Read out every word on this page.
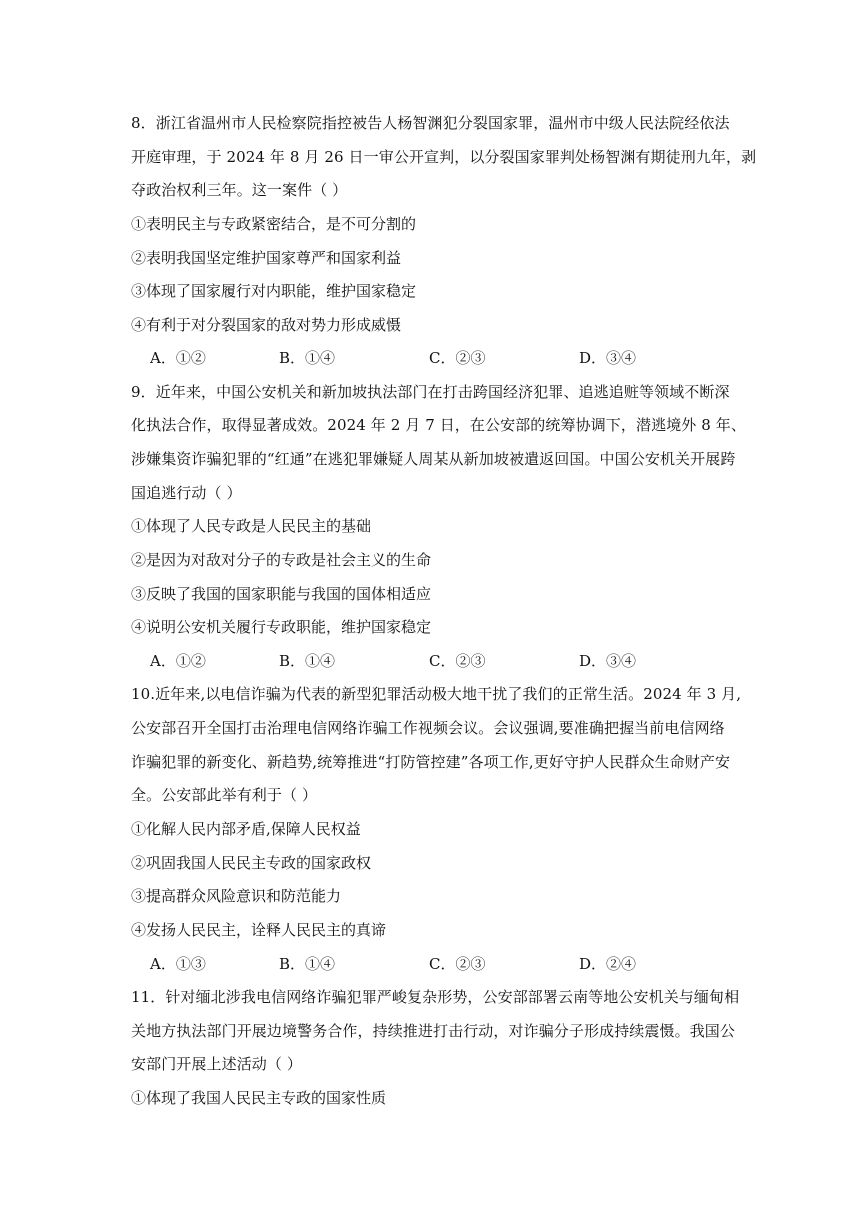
8．浙江省温州市人民检察院指控被告人杨智渊犯分裂国家罪，温州市中级人民法院经依法
开庭审理，于 2024 年 8 月 26 日一审公开宣判，以分裂国家罪判处杨智渊有期徒刑九年，剥
夺政治权利三年。这一案件（ ）
①表明民主与专政紧密结合，是不可分割的
②表明我国坚定维护国家尊严和国家利益
③体现了国家履行对内职能，维护国家稳定
④有利于对分裂国家的敌对势力形成威慑
A．①②	B．①④	C．②③	D．③④
9．近年来，中国公安机关和新加坡执法部门在打击跨国经济犯罪、追逃追赃等领域不断深
化执法合作，取得显著成效。2024 年 2 月 7 日，在公安部的统筹协调下，潜逃境外 8 年、
涉嫌集资诈骗犯罪的“红通”在逃犯罪嫌疑人周某从新加坡被遣返回国。中国公安机关开展跨
国追逃行动（ ）
①体现了人民专政是人民民主的基础
②是因为对敌对分子的专政是社会主义的生命
③反映了我国的国家职能与我国的国体相适应
④说明公安机关履行专政职能，维护国家稳定
A．①②	B．①④	C．②③	D．③④
10.近年来,以电信诈骗为代表的新型犯罪活动极大地干扰了我们的正常生活。2024 年 3 月,
公安部召开全国打击治理电信网络诈骗工作视频会议。会议强调,要准确把握当前电信网络
诈骗犯罪的新变化、新趋势,统筹推进“打防管控建”各项工作,更好守护人民群众生命财产安
全。公安部此举有利于（ ）
①化解人民内部矛盾,保障人民权益
②巩固我国人民民主专政的国家政权
③提高群众风险意识和防范能力
④发扬人民民主，诠释人民民主的真谛
A．①③	B．①④	C．②③	D．②④
11．针对缅北涉我电信网络诈骗犯罪严峻复杂形势，公安部部署云南等地公安机关与缅甸相
关地方执法部门开展边境警务合作，持续推进打击行动，对诈骗分子形成持续震慑。我国公
安部门开展上述活动（ ）
①体现了我国人民民主专政的国家性质
